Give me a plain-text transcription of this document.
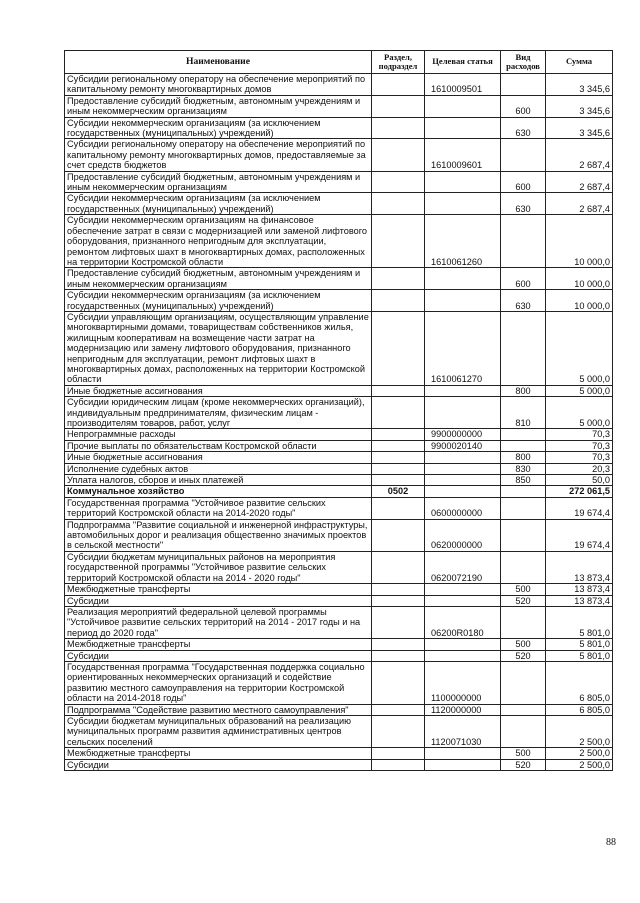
Наименование	Раздел, подраздел	Целевая статья	Вид расходов	Сумма
Субсидии региональному оператору на обеспечение мероприятий по капитальному ремонту многоквартирных домов		1610009501		3 345,6
Предоставление субсидий бюджетным, автономным учреждениям и иным некоммерческим организациям			600	3 345,6
Субсидии некоммерческим организациям (за исключением государственных (муниципальных) учреждений)			630	3 345,6
Субсидии региональному оператору на обеспечение мероприятий по капитальному ремонту многоквартирных домов, предоставляемые за счет средств бюджетов		1610009601		2 687,4
Предоставление субсидий бюджетным, автономным учреждениям и иным некоммерческим организациям			600	2 687,4
Субсидии некоммерческим организациям (за исключением государственных (муниципальных) учреждений)			630	2 687,4
Субсидии некоммерческим организациям на финансовое обеспечение затрат в связи с модернизацией или заменой лифтового оборудования, признанного непригодным для эксплуатации, ремонтом лифтовых шахт в многоквартирных домах, расположенных на территории Костромской области		1610061260		10 000,0
Предоставление субсидий бюджетным, автономным учреждениям и иным некоммерческим организациям			600	10 000,0
Субсидии некоммерческим организациям (за исключением государственных (муниципальных) учреждений)			630	10 000,0
Субсидии управляющим организациям, осуществляющим управление многоквартирными домами, товариществам собственников жилья, жилищным кооперативам на возмещение части затрат на модернизацию или замену лифтового оборудования, признанного непригодным для эксплуатации, ремонт лифтовых шахт в многоквартирных домах, расположенных на территории Костромской области		1610061270		5 000,0
Иные бюджетные ассигнования			800	5 000,0
Субсидии юридическим лицам (кроме некоммерческих организаций), индивидуальным предпринимателям, физическим лицам - производителям товаров, работ, услуг			810	5 000,0
Непрограммные расходы		9900000000		70,3
Прочие выплаты по обязательствам Костромской области		9900020140		70,3
Иные бюджетные ассигнования			800	70,3
Исполнение судебных актов			830	20,3
Уплата налогов, сборов и иных платежей			850	50,0
Коммунальное хозяйство	0502			272 061,5
Государственная программа "Устойчивое развитие сельских территорий Костромской области на 2014-2020 годы"		0600000000		19 674,4
Подпрограмма "Развитие социальной и инженерной инфраструктуры, автомобильных дорог и реализация общественно значимых проектов в сельской местности"		0620000000		19 674,4
Субсидии бюджетам муниципальных районов на мероприятия государственной программы "Устойчивое развитие сельских территорий Костромской области на 2014 - 2020 годы"		0620072190		13 873,4
Межбюджетные трансферты			500	13 873,4
Субсидии			520	13 873,4
Реализация мероприятий федеральной целевой программы "Устойчивое развитие сельских территорий на 2014 - 2017 годы и на период до 2020 года"		06200R0180		5 801,0
Межбюджетные трансферты			500	5 801,0
Субсидии			520	5 801,0
Государственная программа "Государственная поддержка социально ориентированных некоммерческих организаций и содействие развитию местного самоуправления на территории Костромской области на 2014-2018 годы"		1100000000		6 805,0
Подпрограмма "Содействие развитию местного самоуправления"		1120000000		6 805,0
Субсидии бюджетам муниципальных образований на реализацию муниципальных программ развития административных центров сельских поселений		1120071030		2 500,0
Межбюджетные трансферты			500	2 500,0
Субсидии			520	2 500,0
88
